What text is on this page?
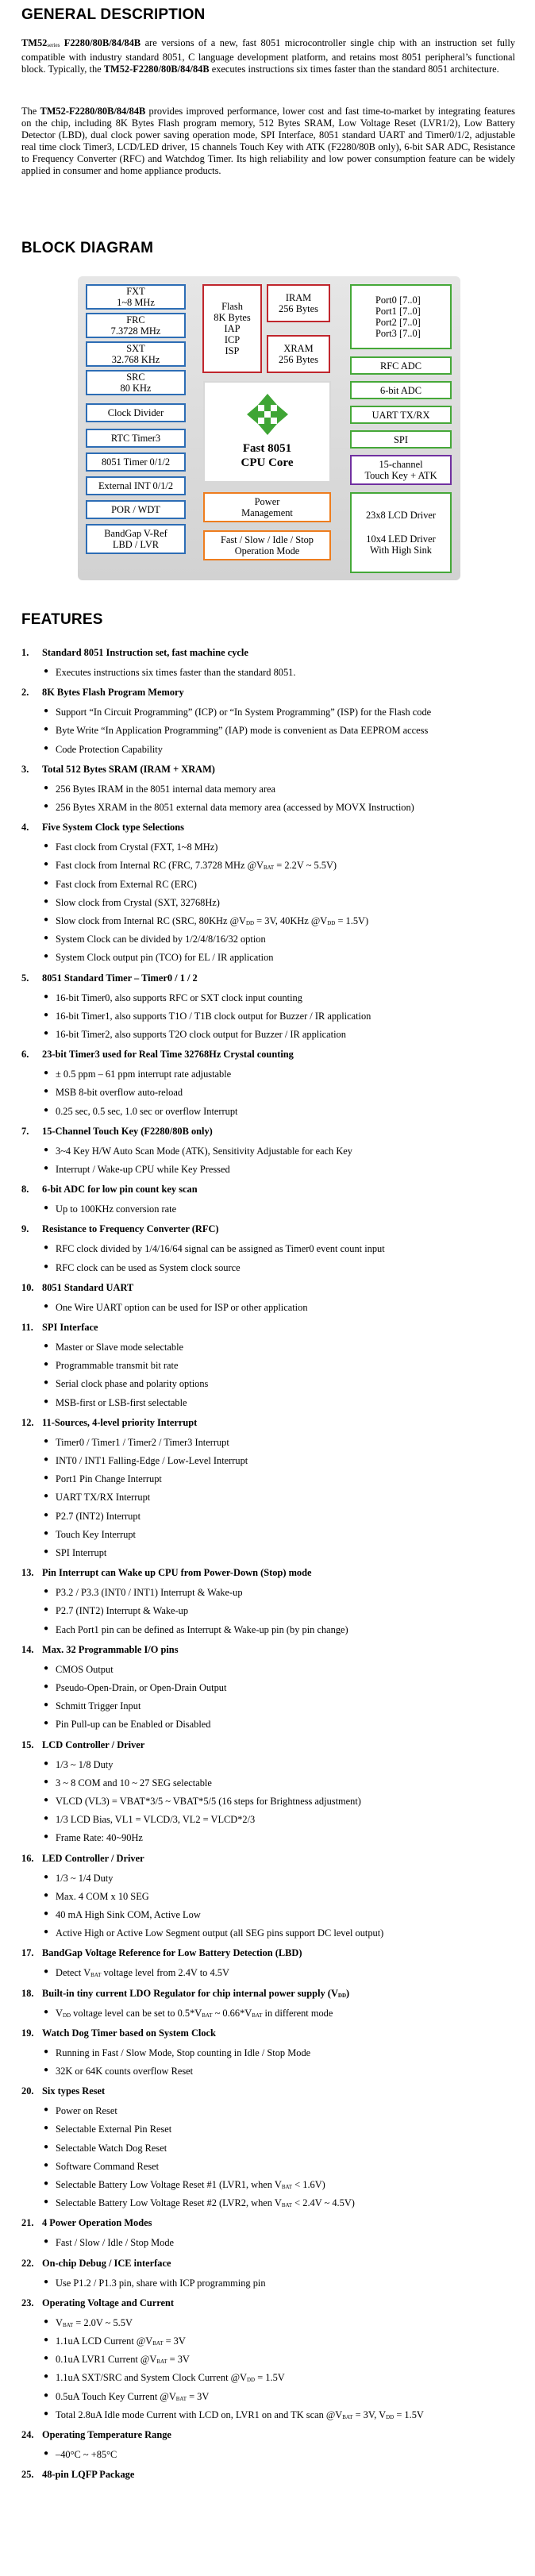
GENERAL DESCRIPTION
TM52series F2280/80B/84/84B are versions of a new, fast 8051 microcontroller single chip with an instruction set fully compatible with industry standard 8051, C language development platform, and retains most 8051 peripheral’s functional block. Typically, the TM52-F2280/80B/84/84B executes instructions six times faster than the standard 8051 architecture.
The TM52-F2280/80B/84/84B provides improved performance, lower cost and fast time-to-market by integrating features on the chip, including 8K Bytes Flash program memory, 512 Bytes SRAM, Low Voltage Reset (LVR1/2), Low Battery Detector (LBD), dual clock power saving operation mode, SPI Interface, 8051 standard UART and Timer0/1/2, adjustable real time clock Timer3, LCD/LED driver, 15 channels Touch Key with ATK (F2280/80B only), 6-bit SAR ADC, Resistance to Frequency Converter (RFC) and Watchdog Timer. Its high reliability and low power consumption feature can be widely applied in consumer and home appliance products.
BLOCK DIAGRAM
FXT
1~8 MHz
FRC
7.3728 MHz
SXT
32.768 KHz
SRC
80 KHz
Clock Divider
RTC Timer3
8051 Timer 0/1/2
External INT 0/1/2
POR / WDT
BandGap V-Ref
LBD / LVR
Flash
8K Bytes
IAP
ICP
ISP
IRAM
256 Bytes
XRAM
256 Bytes
Fast 8051
CPU Core
Power
Management
Fast / Slow / Idle / Stop
Operation Mode
Port0 [7..0]
Port1 [7..0]
Port2 [7..0]
Port3 [7..0]
RFC ADC
6-bit ADC
UART TX/RX
SPI
15-channel
Touch Key + ATK
23x8 LCD Driver
10x4 LED Driver
With High Sink
FEATURES
1. Standard 8051 Instruction set, fast machine cycle
● Executes instructions six times faster than the standard 8051.
2. 8K Bytes Flash Program Memory
● Support “In Circuit Programming” (ICP) or “In System Programming” (ISP) for the Flash code
● Byte Write “In Application Programming” (IAP) mode is convenient as Data EEPROM access
● Code Protection Capability
3. Total 512 Bytes SRAM (IRAM + XRAM)
● 256 Bytes IRAM in the 8051 internal data memory area
● 256 Bytes XRAM in the 8051 external data memory area (accessed by MOVX Instruction)
4. Five System Clock type Selections
● Fast clock from Crystal (FXT, 1~8 MHz)
● Fast clock from Internal RC (FRC, 7.3728 MHz @VBAT = 2.2V ~ 5.5V)
● Fast clock from External RC (ERC)
● Slow clock from Crystal (SXT, 32768Hz)
● Slow clock from Internal RC (SRC, 80KHz @VDD = 3V, 40KHz @VDD = 1.5V)
● System Clock can be divided by 1/2/4/8/16/32 option
● System Clock output pin (TCO) for EL / IR application
5. 8051 Standard Timer – Timer0 / 1 / 2
● 16-bit Timer0, also supports RFC or SXT clock input counting
● 16-bit Timer1, also supports T1O / T1B clock output for Buzzer / IR application
● 16-bit Timer2, also supports T2O clock output for Buzzer / IR application
6. 23-bit Timer3 used for Real Time 32768Hz Crystal counting
● ± 0.5 ppm – 61 ppm interrupt rate adjustable
● MSB 8-bit overflow auto-reload
● 0.25 sec, 0.5 sec, 1.0 sec or overflow Interrupt
7. 15-Channel Touch Key (F2280/80B only)
● 3~4 Key H/W Auto Scan Mode (ATK), Sensitivity Adjustable for each Key
● Interrupt / Wake-up CPU while Key Pressed
8. 6-bit ADC for low pin count key scan
● Up to 100KHz conversion rate
9. Resistance to Frequency Converter (RFC)
● RFC clock divided by 1/4/16/64 signal can be assigned as Timer0 event count input
● RFC clock can be used as System clock source
10. 8051 Standard UART
● One Wire UART option can be used for ISP or other application
11. SPI Interface
● Master or Slave mode selectable
● Programmable transmit bit rate
● Serial clock phase and polarity options
● MSB-first or LSB-first selectable
12. 11-Sources, 4-level priority Interrupt
● Timer0 / Timer1 / Timer2 / Timer3 Interrupt
● INT0 / INT1 Falling-Edge / Low-Level Interrupt
● Port1 Pin Change Interrupt
● UART TX/RX Interrupt
● P2.7 (INT2) Interrupt
● Touch Key Interrupt
● SPI Interrupt
13. Pin Interrupt can Wake up CPU from Power-Down (Stop) mode
● P3.2 / P3.3 (INT0 / INT1) Interrupt & Wake-up
● P2.7 (INT2) Interrupt & Wake-up
● Each Port1 pin can be defined as Interrupt & Wake-up pin (by pin change)
14. Max. 32 Programmable I/O pins
● CMOS Output
● Pseudo-Open-Drain, or Open-Drain Output
● Schmitt Trigger Input
● Pin Pull-up can be Enabled or Disabled
15. LCD Controller / Driver
● 1/3 ~ 1/8 Duty
● 3 ~ 8 COM and 10 ~ 27 SEG selectable
● VLCD (VL3) = VBAT*3/5 ~ VBAT*5/5 (16 steps for Brightness adjustment)
● 1/3 LCD Bias, VL1 = VLCD/3, VL2 = VLCD*2/3
● Frame Rate: 40~90Hz
16. LED Controller / Driver
● 1/3 ~ 1/4 Duty
● Max. 4 COM x 10 SEG
● 40 mA High Sink COM, Active Low
● Active High or Active Low Segment output (all SEG pins support DC level output)
17. BandGap Voltage Reference for Low Battery Detection (LBD)
● Detect VBAT voltage level from 2.4V to 4.5V
18. Built-in tiny current LDO Regulator for chip internal power supply (VDD)
● VDD voltage level can be set to 0.5*VBAT ~ 0.66*VBAT in different mode
19. Watch Dog Timer based on System Clock
● Running in Fast / Slow Mode, Stop counting in Idle / Stop Mode
● 32K or 64K counts overflow Reset
20. Six types Reset
● Power on Reset
● Selectable External Pin Reset
● Selectable Watch Dog Reset
● Software Command Reset
● Selectable Battery Low Voltage Reset #1 (LVR1, when VBAT < 1.6V)
● Selectable Battery Low Voltage Reset #2 (LVR2, when VBAT < 2.4V ~ 4.5V)
21. 4 Power Operation Modes
● Fast / Slow / Idle / Stop Mode
22. On-chip Debug / ICE interface
● Use P1.2 / P1.3 pin, share with ICP programming pin
23. Operating Voltage and Current
● VBAT = 2.0V ~ 5.5V
● 1.1uA LCD Current @VBAT = 3V
● 0.1uA LVR1 Current @VBAT = 3V
● 1.1uA SXT/SRC and System Clock Current @VDD = 1.5V
● 0.5uA Touch Key Current @VBAT = 3V
● Total 2.8uA Idle mode Current with LCD on, LVR1 on and TK scan @VBAT = 3V, VDD = 1.5V
24. Operating Temperature Range
● –40°C ~ +85°C
25. 48-pin LQFP Package
